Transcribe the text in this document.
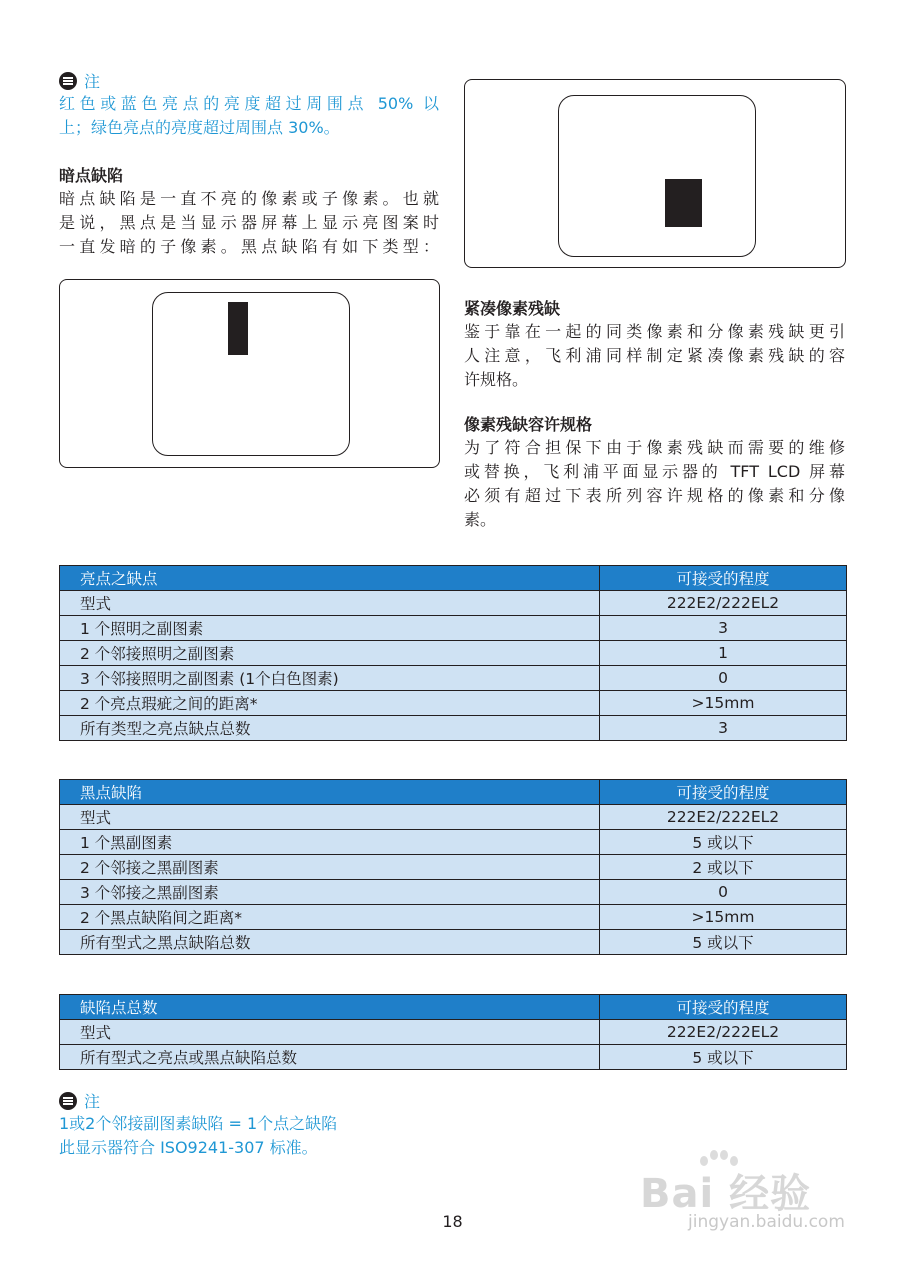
注
红色或蓝色亮点的亮度超过周围点 50% 以
上；绿色亮点的亮度超过周围点 30%。
暗点缺陷
暗点缺陷是一直不亮的像素或子像素。也就
是说，黑点是当显示器屏幕上显示亮图案时
一直发暗的子像素。黑点缺陷有如下类型：
紧凑像素残缺
鉴于靠在一起的同类像素和分像素残缺更引
人注意，飞利浦同样制定紧凑像素残缺的容
许规格。
像素残缺容许规格
为了符合担保下由于像素残缺而需要的维修
或替换，飞利浦平面显示器的 TFT LCD 屏幕
必须有超过下表所列容许规格的像素和分像
素。
亮点之缺点	可接受的程度
型式	222E2/222EL2
1 个照明之副图素	3
2 个邻接照明之副图素	1
3 个邻接照明之副图素 (1个白色图素)	0
2 个亮点瑕疵之间的距离*	>15mm
所有类型之亮点缺点总数	3
黑点缺陷	可接受的程度
型式	222E2/222EL2
1 个黑副图素	5 或以下
2 个邻接之黑副图素	2 或以下
3 个邻接之黑副图素	0
2 个黑点缺陷间之距离*	>15mm
所有型式之黑点缺陷总数	5 或以下
缺陷点总数	可接受的程度
型式	222E2/222EL2
所有型式之亮点或黑点缺陷总数	5 或以下
注
1或2个邻接副图素缺陷 = 1个点之缺陷
此显示器符合 ISO9241-307 标准。
Bai 经验
jingyan.baidu.com
18
